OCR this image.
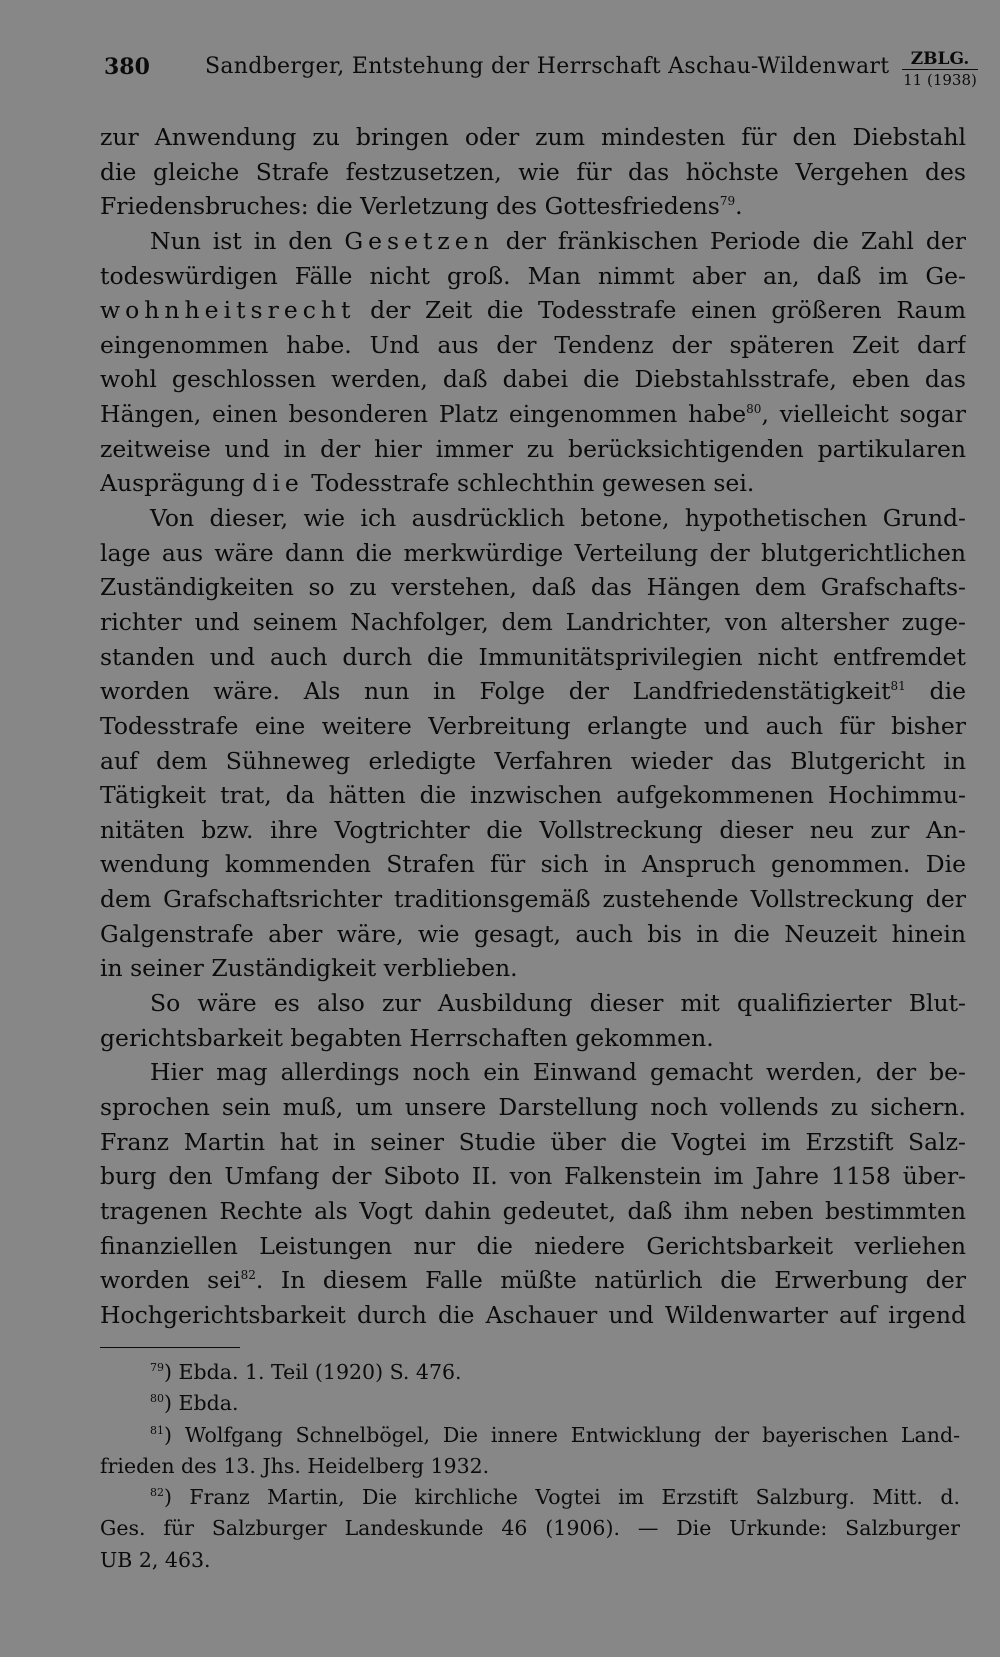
380	Sandberger, Entstehung der Herrschaft Aschau-Wildenwart	ZBLG.
11 (1938)
zur Anwendung zu bringen oder zum mindesten für den Diebstahl
die gleiche Strafe festzusetzen, wie für das höchste Vergehen des
Friedensbruches: die Verletzung des Gottesfriedens$^{79}$.
Nun ist in den Gesetzen der fränkischen Periode die Zahl der
todeswürdigen Fälle nicht groß. Man nimmt aber an, daß im Ge-
wohnheitsrecht der Zeit die Todesstrafe einen größeren Raum
eingenommen habe. Und aus der Tendenz der späteren Zeit darf
wohl geschlossen werden, daß dabei die Diebstahlsstrafe, eben das
Hängen, einen besonderen Platz eingenommen habe$^{80}$, vielleicht sogar
zeitweise und in der hier immer zu berücksichtigenden partikularen
Ausprägung die Todesstrafe schlechthin gewesen sei.
Von dieser, wie ich ausdrücklich betone, hypothetischen Grund-
lage aus wäre dann die merkwürdige Verteilung der blutgerichtlichen
Zuständigkeiten so zu verstehen, daß das Hängen dem Grafschafts-
richter und seinem Nachfolger, dem Landrichter, von altersher zuge-
standen und auch durch die Immunitätsprivilegien nicht entfremdet
worden wäre. Als nun in Folge der Landfriedenstätigkeit$^{81}$ die
Todesstrafe eine weitere Verbreitung erlangte und auch für bisher
auf dem Sühneweg erledigte Verfahren wieder das Blutgericht in
Tätigkeit trat, da hätten die inzwischen aufgekommenen Hochimmu-
nitäten bzw. ihre Vogtrichter die Vollstreckung dieser neu zur An-
wendung kommenden Strafen für sich in Anspruch genommen. Die
dem Grafschaftsrichter traditionsgemäß zustehende Vollstreckung der
Galgenstrafe aber wäre, wie gesagt, auch bis in die Neuzeit hinein
in seiner Zuständigkeit verblieben.
So wäre es also zur Ausbildung dieser mit qualifizierter Blut-
gerichtsbarkeit begabten Herrschaften gekommen.
Hier mag allerdings noch ein Einwand gemacht werden, der be-
sprochen sein muß, um unsere Darstellung noch vollends zu sichern.
Franz Martin hat in seiner Studie über die Vogtei im Erzstift Salz-
burg den Umfang der Siboto II. von Falkenstein im Jahre 1158 über-
tragenen Rechte als Vogt dahin gedeutet, daß ihm neben bestimmten
finanziellen Leistungen nur die niedere Gerichtsbarkeit verliehen
worden sei$^{82}$. In diesem Falle müßte natürlich die Erwerbung der
Hochgerichtsbarkeit durch die Aschauer und Wildenwarter auf irgend
$^{79}$) Ebda. 1. Teil (1920) S. 476.
$^{80}$) Ebda.
$^{81}$) Wolfgang Schnelbögel, Die innere Entwicklung der bayerischen Land-
frieden des 13. Jhs. Heidelberg 1932.
$^{82}$) Franz Martin, Die kirchliche Vogtei im Erzstift Salzburg. Mitt. d.
Ges. für Salzburger Landeskunde 46 (1906). — Die Urkunde: Salzburger
UB 2, 463.
